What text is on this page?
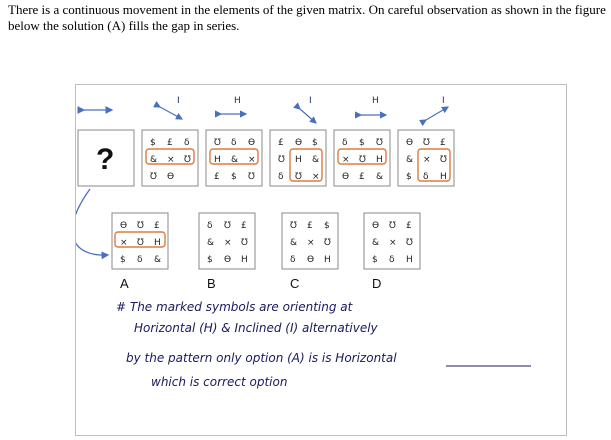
There is a continuous movement in the elements of the given matrix. On careful observation as shown in the figure below the solution (A) fills the gap in series.
I	H	I	H	I
?	$ £ δ
& × ℧
℧ Ɵ
℧ δ Ɵ
H & ×
£ $ ℧
£ Ɵ $
℧ H &
δ ℧ ×
δ $ ℧
× ℧ H
Ɵ £ &
Ɵ ℧ £
& × ℧
$ δ H
Ɵ ℧ £
× ℧ H
$ δ &
A
δ ℧ £
& × ℧
$ Ɵ H
B
℧ £ $
& × ℧
δ Ɵ H
C
Ɵ ℧ £
& × ℧
$ δ H
D
# The marked symbols are orienting at
Horizontal (H) & Inclined (I) alternatively
by the pattern only option (A) is is Horizontal
which is correct option
